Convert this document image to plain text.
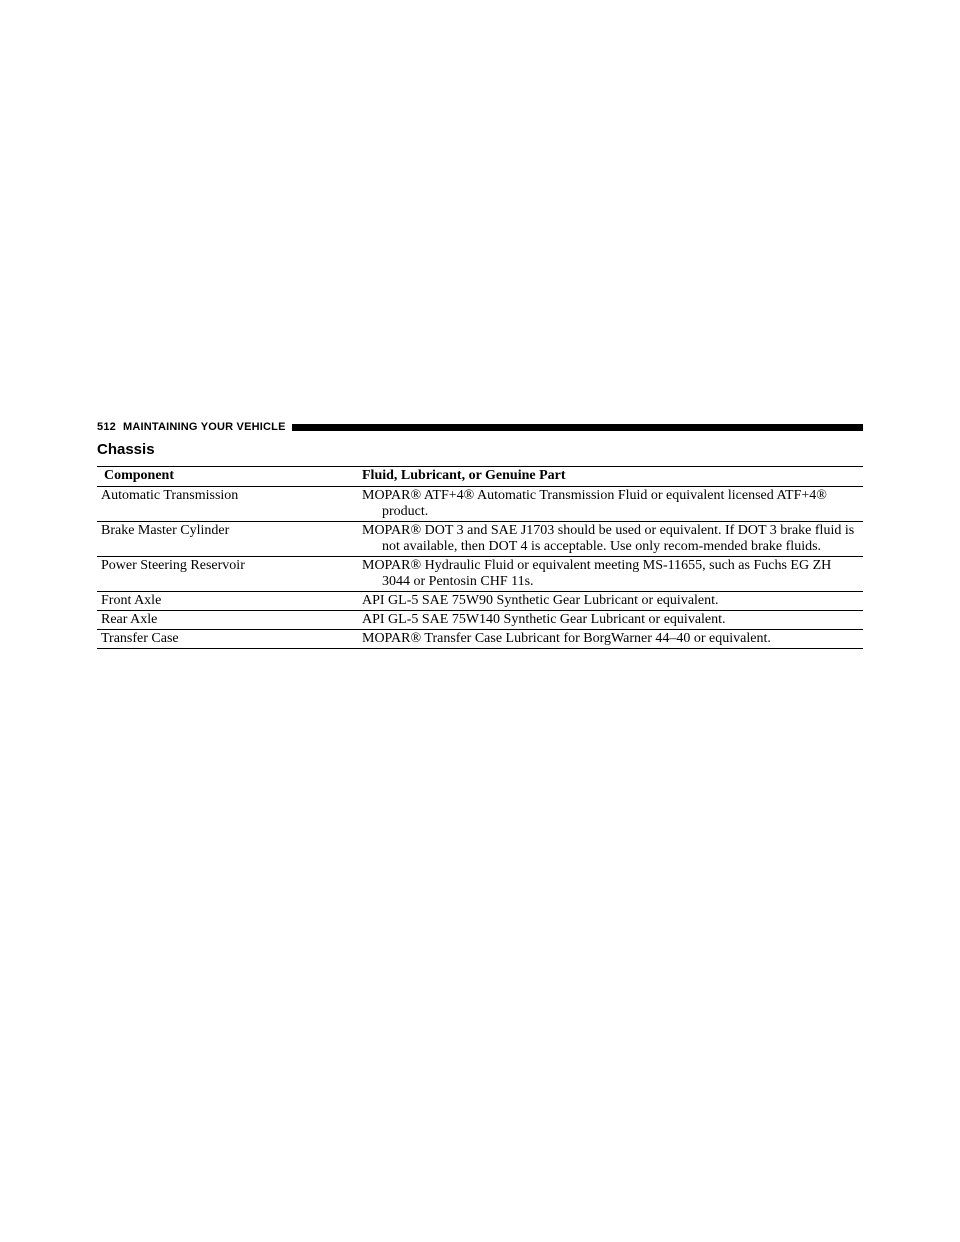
512 MAINTAINING YOUR VEHICLE
Chassis
Component	Fluid, Lubricant, or Genuine Part
Automatic Transmission	MOPAR® ATF+4® Automatic Transmission Fluid or equivalent licensed ATF+4® product.

Brake Master Cylinder	MOPAR® DOT 3 and SAE J1703 should be used or equivalent. If DOT 3 brake fluid is not available, then DOT 4 is acceptable. Use only recom-mended brake fluids.

Power Steering Reservoir	MOPAR® Hydraulic Fluid or equivalent meeting MS-11655, such as Fuchs EG ZH 3044 or Pentosin CHF 11s.

Front Axle	API GL-5 SAE 75W90 Synthetic Gear Lubricant or equivalent.

Rear Axle	API GL-5 SAE 75W140 Synthetic Gear Lubricant or equivalent.

Transfer Case	MOPAR® Transfer Case Lubricant for BorgWarner 44–40 or equivalent.
